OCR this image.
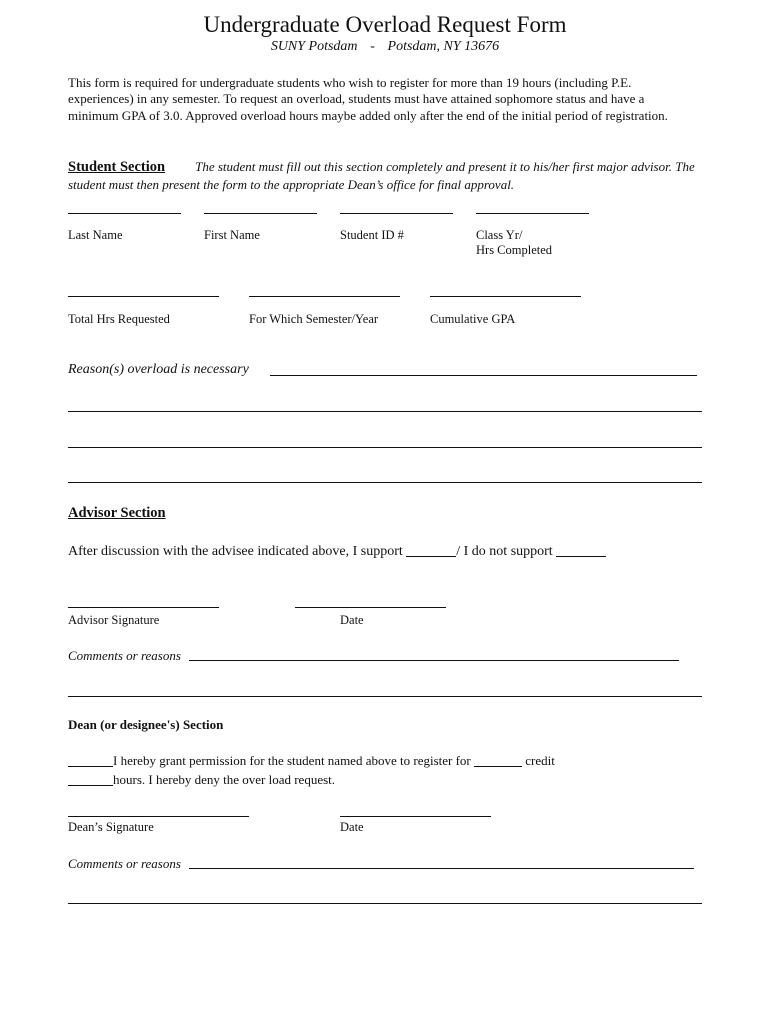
Undergraduate Overload Request Form
SUNY Potsdam - Potsdam, NY 13676
This form is required for undergraduate students who wish to register for more than 19 hours (including P.E. experiences) in any semester. To request an overload, students must have attained sophomore status and have a minimum GPA of 3.0. Approved overload hours maybe added only after the end of the initial period of registration.
Student Section The student must fill out this section completely and present it to his/her first major advisor. The student must then present the form to the appropriate Dean’s office for final approval.
Last Name	First Name	Student ID #	Class Yr/
Hrs Completed
Total Hrs Requested	For Which Semester/Year	Cumulative GPA
Reason(s) overload is necessary
Advisor Section
After discussion with the advisee indicated above, I support	/ I do not support
Advisor Signature	Date
Comments or reasons
Dean (or designee's) Section
I hereby grant permission for the student named above to register for	credit
hours. I hereby deny the over load request.
Dean’s Signature	Date
Comments or reasons
